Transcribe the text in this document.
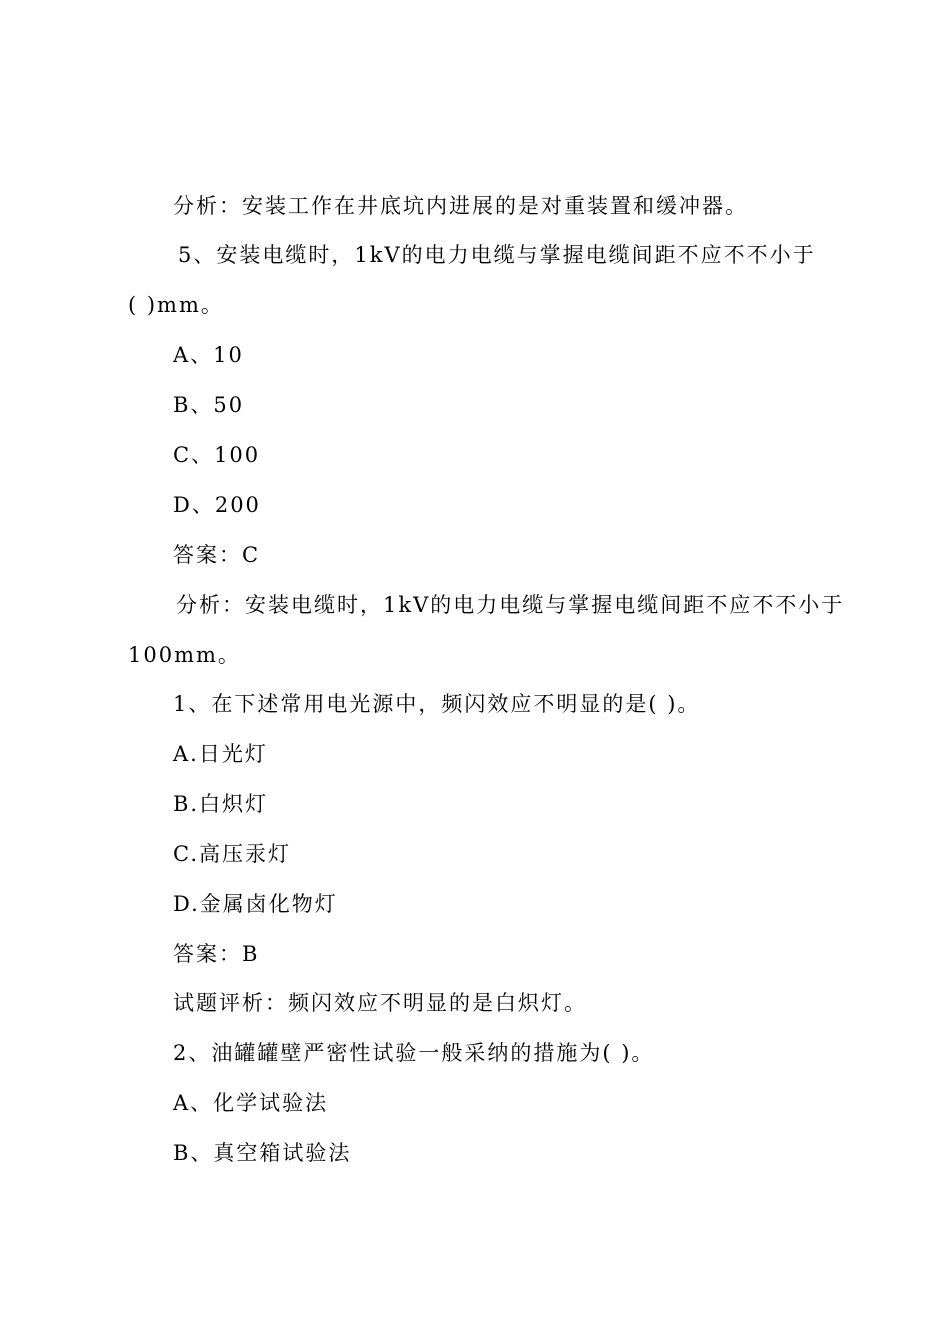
分析：安装工作在井底坑内进展的是对重装置和缓冲器。
5、安装电缆时，1kV的电力电缆与掌握电缆间距不应不不小于
( )mm。
A、10
B、50
C、100
D、200
答案：C
分析：安装电缆时，1kV的电力电缆与掌握电缆间距不应不不小于
100mm。
1、在下述常用电光源中，频闪效应不明显的是( )。
A.日光灯
B.白炽灯
C.高压汞灯
D.金属卤化物灯
答案：B
试题评析：频闪效应不明显的是白炽灯。
2、油罐罐壁严密性试验一般采纳的措施为( )。
A、化学试验法
B、真空箱试验法
